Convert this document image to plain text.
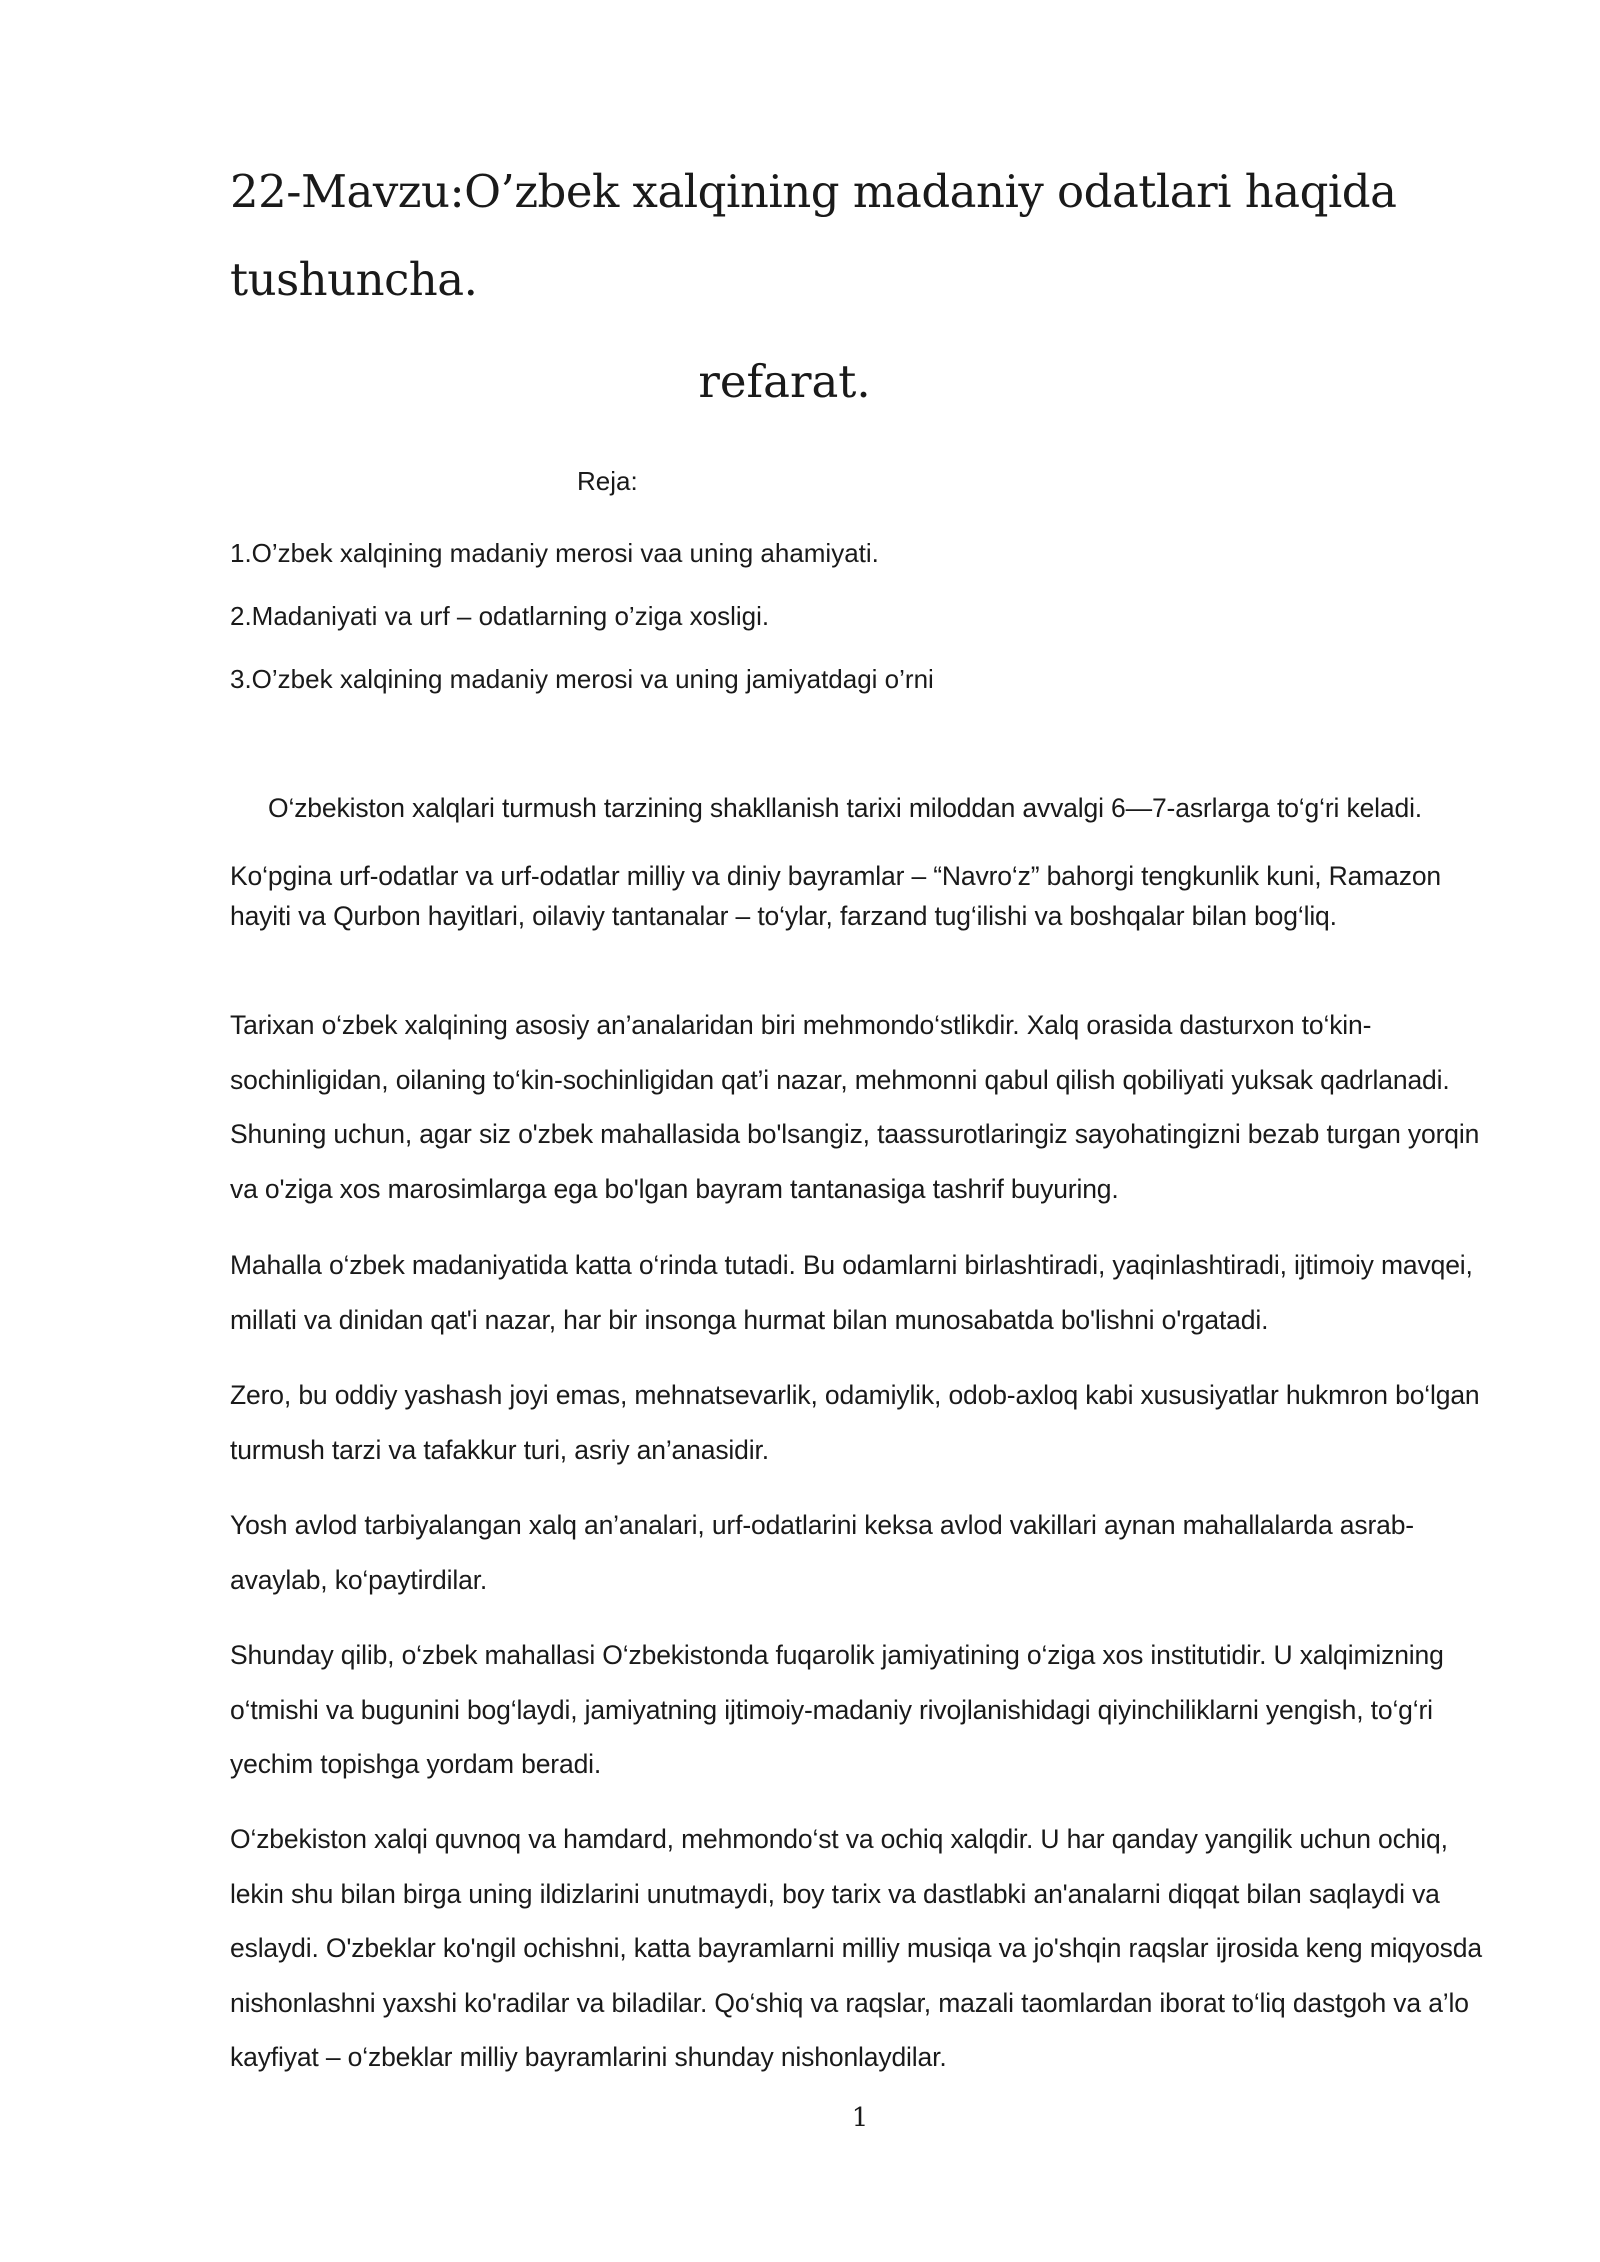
22-Mavzu:O’zbek xalqining madaniy odatlari haqida tushuncha.
refarat.
Reja:
1.O’zbek xalqining madaniy merosi vaa uning ahamiyati.
2.Madaniyati va urf – odatlarning o’ziga xosligi.
3.O’zbek xalqining madaniy merosi va uning jamiyatdagi o’rni

O‘zbekiston xalqlari turmush tarzining shakllanish tarixi miloddan avvalgi 6—7-asrlarga to‘g‘ri keladi.

Ko‘pgina urf-odatlar va urf-odatlar milliy va diniy bayramlar – “Navro‘z” bahorgi tengkunlik kuni, Ramazon hayiti va Qurbon hayitlari, oilaviy tantanalar – to‘ylar, farzand tug‘ilishi va boshqalar bilan bog‘liq.

Tarixan o‘zbek xalqining asosiy an’analaridan biri mehmondo‘stlikdir. Xalq orasida dasturxon to‘kin-sochinligidan, oilaning to‘kin-sochinligidan qat’i nazar, mehmonni qabul qilish qobiliyati yuksak qadrlanadi. Shuning uchun, agar siz o'zbek mahallasida bo'lsangiz, taassurotlaringiz sayohatingizni bezab turgan yorqin va o'ziga xos marosimlarga ega bo'lgan bayram tantanasiga tashrif buyuring.

Mahalla o‘zbek madaniyatida katta o‘rinda tutadi. Bu odamlarni birlashtiradi, yaqinlashtiradi, ijtimoiy mavqei, millati va dinidan qat'i nazar, har bir insonga hurmat bilan munosabatda bo'lishni o'rgatadi.

Zero, bu oddiy yashash joyi emas, mehnatsevarlik, odamiylik, odob-axloq kabi xususiyatlar hukmron bo‘lgan turmush tarzi va tafakkur turi, asriy an’anasidir.

Yosh avlod tarbiyalangan xalq an’analari, urf-odatlarini keksa avlod vakillari aynan mahallalarda asrab-avaylab, ko‘paytirdilar.

Shunday qilib, o‘zbek mahallasi O‘zbekistonda fuqarolik jamiyatining o‘ziga xos institutidir. U xalqimizning o‘tmishi va bugunini bog‘laydi, jamiyatning ijtimoiy-madaniy rivojlanishidagi qiyinchiliklarni yengish, to‘g‘ri yechim topishga yordam beradi.

O‘zbekiston xalqi quvnoq va hamdard, mehmondo‘st va ochiq xalqdir. U har qanday yangilik uchun ochiq, lekin shu bilan birga uning ildizlarini unutmaydi, boy tarix va dastlabki an'analarni diqqat bilan saqlaydi va eslaydi. O'zbeklar ko'ngil ochishni, katta bayramlarni milliy musiqa va jo'shqin raqslar ijrosida keng miqyosda nishonlashni yaxshi ko'radilar va biladilar. Qo‘shiq va raqslar, mazali taomlardan iborat to‘liq dastgoh va a’lo kayfiyat – o‘zbeklar milliy bayramlarini shunday nishonlaydilar.

1
